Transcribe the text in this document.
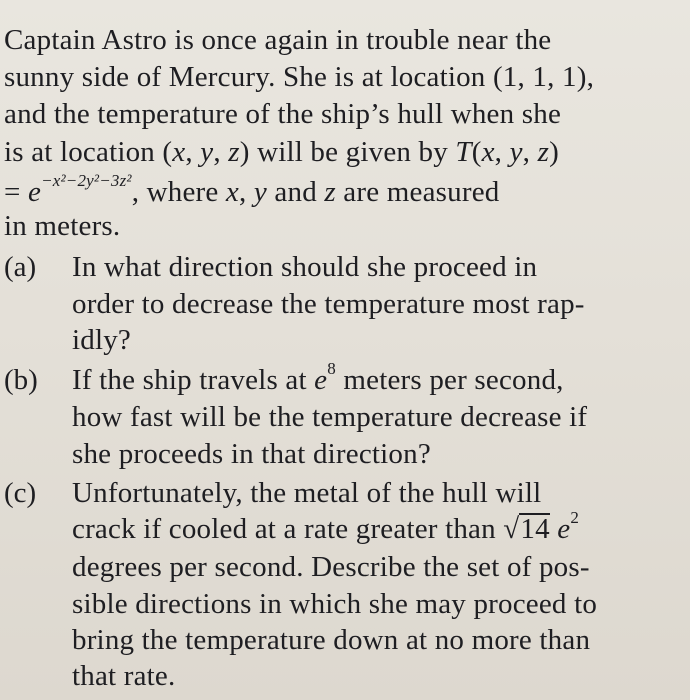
Captain Astro is once again in trouble near the
sunny side of Mercury. She is at location (1, 1, 1),
and the temperature of the ship’s hull when she
is at location (x, y, z) will be given by T(x, y, z)
= $e^{-x^2-2y^2-3z^2}$, where x, y and z are measured
in meters.
(a) In what direction should she proceed in
order to decrease the temperature most rap-
idly?
(b) If the ship travels at $e^8$ meters per second,
how fast will be the temperature decrease if
she proceeds in that direction?
(c) Unfortunately, the metal of the hull will
crack if cooled at a rate greater than √14 $e^2$
degrees per second. Describe the set of pos-
sible directions in which she may proceed to
bring the temperature down at no more than
that rate.
